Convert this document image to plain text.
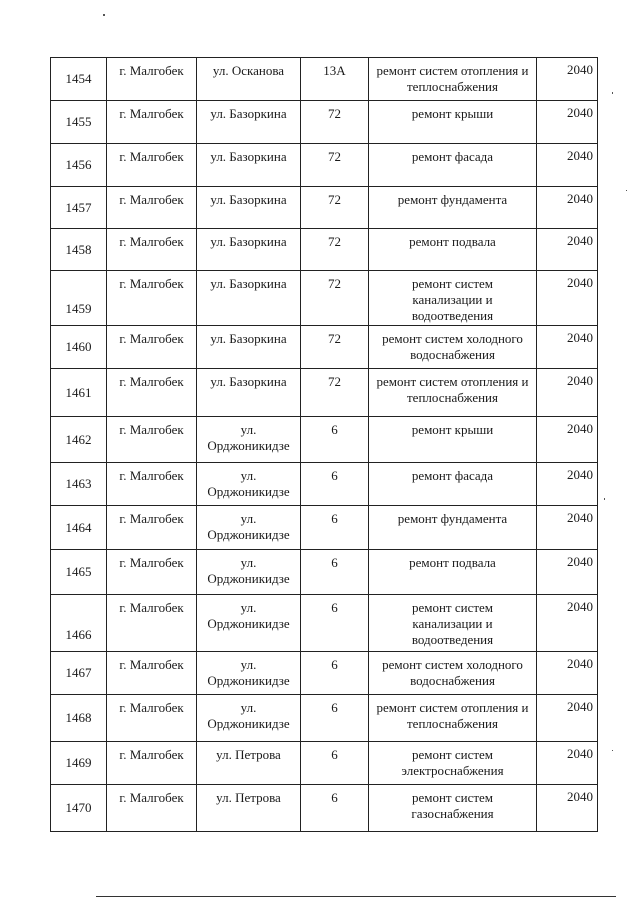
1454	г. Малгобек	ул. Осканова	13А	ремонт систем отопления и теплоснабжения	2040

1455	г. Малгобек	ул. Базоркина	72	ремонт крыши	2040

1456	г. Малгобек	ул. Базоркина	72	ремонт фасада	2040

1457	г. Малгобек	ул. Базоркина	72	ремонт фундамента	2040

1458	г. Малгобек	ул. Базоркина	72	ремонт подвала	2040

1459	г. Малгобек	ул. Базоркина	72	ремонт систем канализации и водоотведения	2040

1460	г. Малгобек	ул. Базоркина	72	ремонт систем холодного водоснабжения	2040

1461	г. Малгобек	ул. Базоркина	72	ремонт систем отопления и теплоснабжения	2040

1462	г. Малгобек	ул. Орджоникидзе	6	ремонт крыши	2040

1463	г. Малгобек	ул. Орджоникидзе	6	ремонт фасада	2040

1464	г. Малгобек	ул. Орджоникидзе	6	ремонт фундамента	2040

1465	г. Малгобек	ул. Орджоникидзе	6	ремонт подвала	2040

1466	г. Малгобек	ул. Орджоникидзе	6	ремонт систем канализации и водоотведения	2040

1467	г. Малгобек	ул. Орджоникидзе	6	ремонт систем холодного водоснабжения	2040

1468	г. Малгобек	ул. Орджоникидзе	6	ремонт систем отопления и теплоснабжения	2040

1469	г. Малгобек	ул. Петрова	6	ремонт систем электроснабжения	2040

1470	г. Малгобек	ул. Петрова	6	ремонт систем газоснабжения	2040
